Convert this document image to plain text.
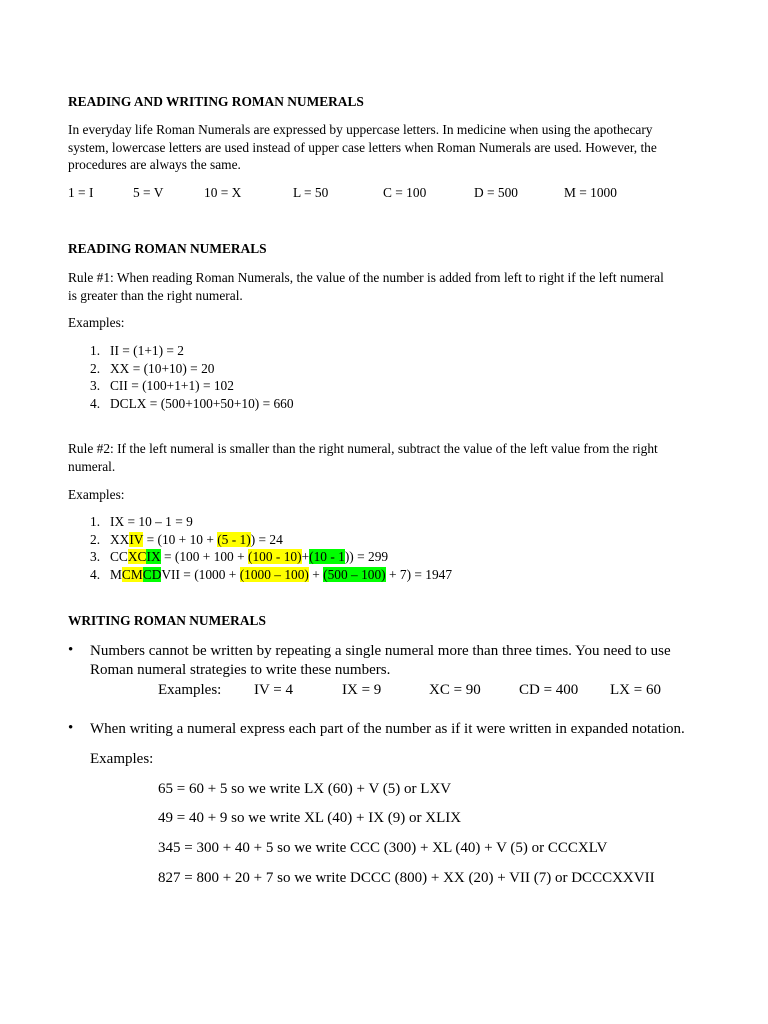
READING AND WRITING ROMAN NUMERALS
In everyday life Roman Numerals are expressed by uppercase letters. In medicine when using the apothecary
system, lowercase letters are used instead of upper case letters when Roman Numerals are used. However, the
procedures are always the same.
1 = I	5 = V	10 = X	L = 50	C = 100	D = 500	M = 1000
READING ROMAN NUMERALS
Rule #1: When reading Roman Numerals, the value of the number is added from left to right if the left numeral
is greater than the right numeral.
Examples:
1. II = (1+1) = 2
2. XX = (10+10) = 20
3. CII = (100+1+1) = 102
4. DCLX = (500+100+50+10) = 660
Rule #2: If the left numeral is smaller than the right numeral, subtract the value of the left value from the right
numeral.
Examples:
1. IX = 10 – 1 = 9
2. XXIV = (10 + 10 + (5 - 1)) = 24
3. CCXCIX = (100 + 100 + (100 - 10)+(10 - 1)) = 299
4. MCMCDVII = (1000 + (1000 – 100) + (500 – 100) + 7) = 1947
WRITING ROMAN NUMERALS
• Numbers cannot be written by repeating a single numeral more than three times. You need to use
Roman numeral strategies to write these numbers.
Examples: IV = 4	IX = 9	XC = 90	CD = 400 LX = 60
• When writing a numeral express each part of the number as if it were written in expanded notation.
Examples:
65 = 60 + 5 so we write LX (60) + V (5) or LXV
49 = 40 + 9 so we write XL (40) + IX (9) or XLIX
345 = 300 + 40 + 5 so we write CCC (300) + XL (40) + V (5) or CCCXLV
827 = 800 + 20 + 7 so we write DCCC (800) + XX (20) + VII (7) or DCCCXXVII
